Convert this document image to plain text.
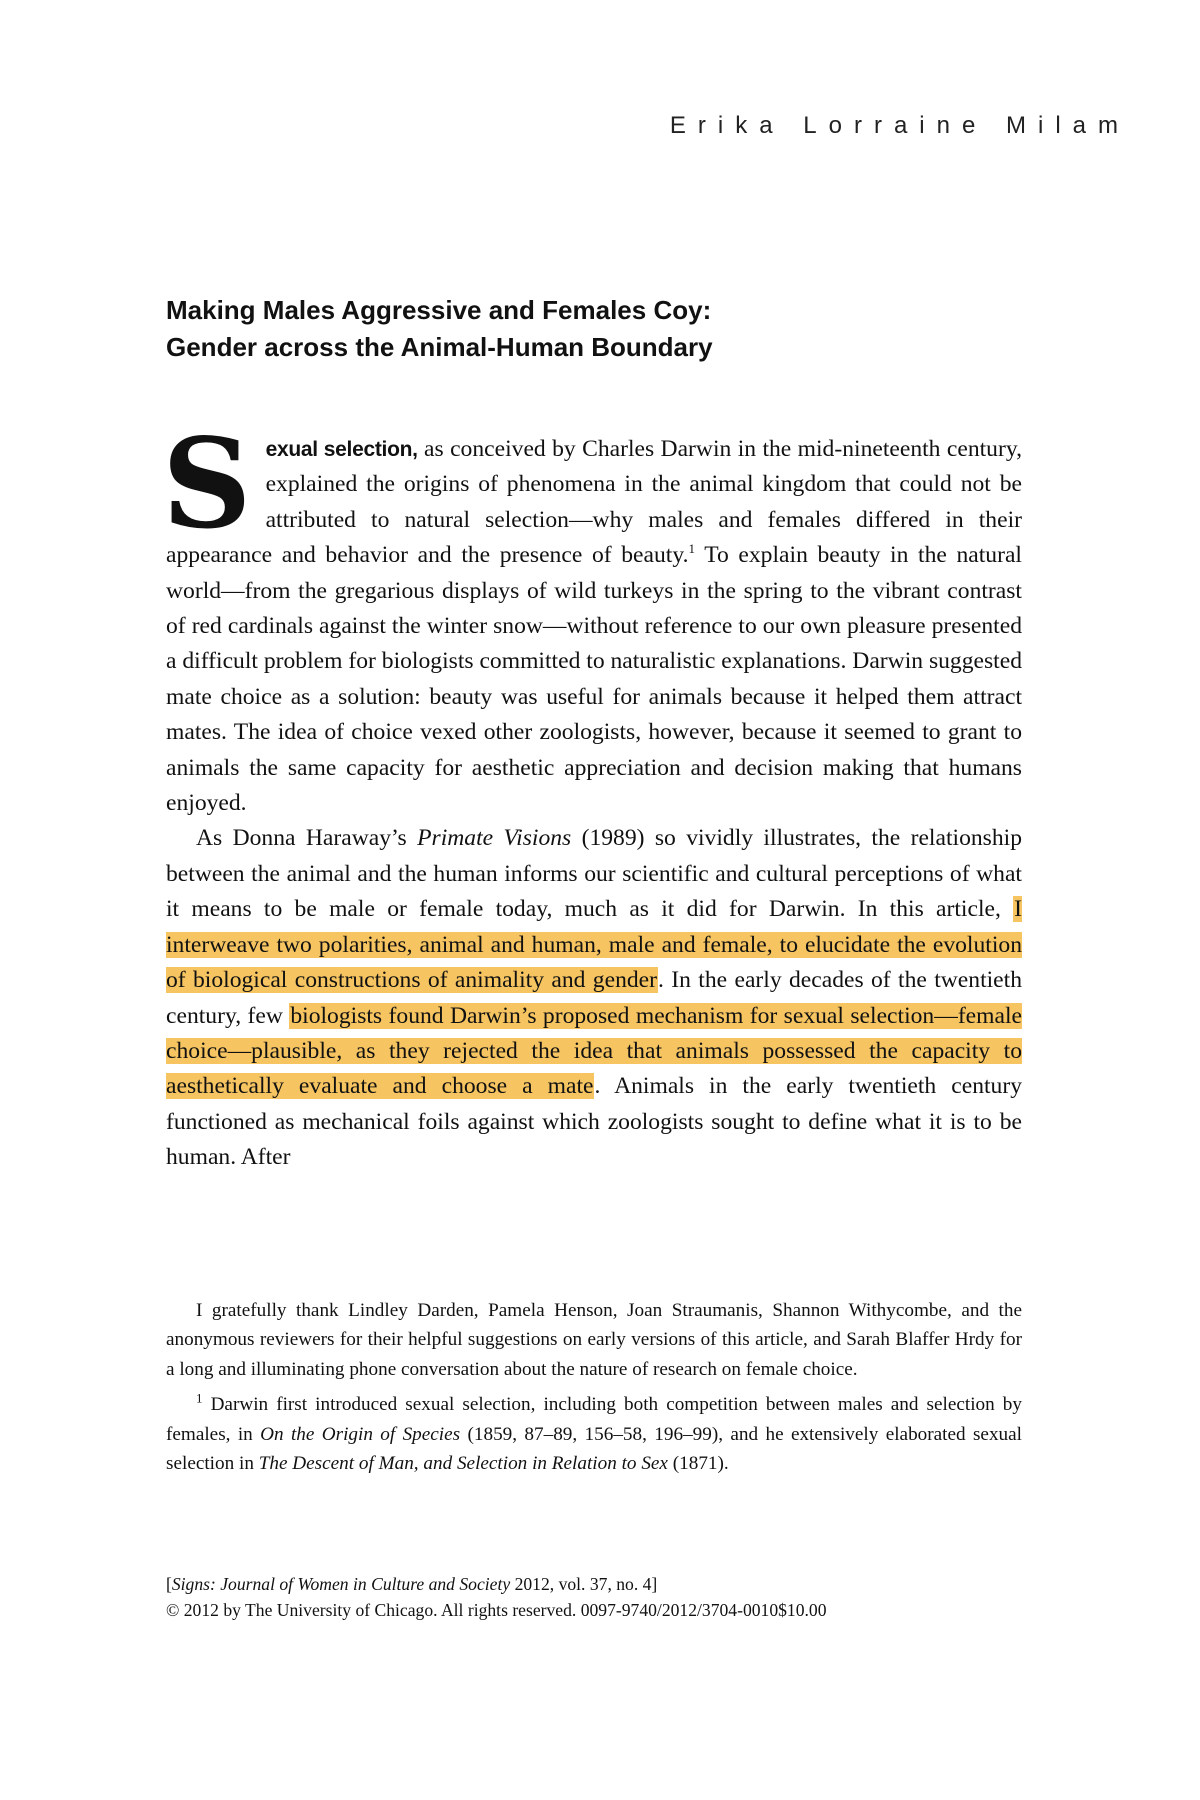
Erika Lorraine Milam
Making Males Aggressive and Females Coy:
Gender across the Animal-Human Boundary

Sexual selection, as conceived by Charles Darwin in the mid-nineteenth century, explained the origins of phenomena in the animal kingdom that could not be attributed to natural selection—why males and females differed in their appearance and behavior and the presence of beauty.$^1$ To explain beauty in the natural world—from the gregarious displays of wild turkeys in the spring to the vibrant contrast of red cardinals against the winter snow—without reference to our own pleasure presented a difficult problem for biologists committed to naturalistic explanations. Darwin suggested mate choice as a solution: beauty was useful for animals because it helped them attract mates. The idea of choice vexed other zoologists, however, because it seemed to grant to animals the same capacity for aesthetic appreciation and decision making that humans enjoyed.

As Donna Haraway’s Primate Visions (1989) so vividly illustrates, the relationship between the animal and the human informs our scientific and cultural perceptions of what it means to be male or female today, much as it did for Darwin. In this article, I interweave two polarities, animal and human, male and female, to elucidate the evolution of biological constructions of animality and gender. In the early decades of the twentieth century, few biologists found Darwin’s proposed mechanism for sexual selection—female choice—plausible, as they rejected the idea that animals possessed the capacity to aesthetically evaluate and choose a mate. Animals in the early twentieth century functioned as mechanical foils against which zoologists sought to define what it is to be human. After

I gratefully thank Lindley Darden, Pamela Henson, Joan Straumanis, Shannon Withycombe, and the anonymous reviewers for their helpful suggestions on early versions of this article, and Sarah Blaffer Hrdy for a long and illuminating phone conversation about the nature of research on female choice.

$^1$ Darwin first introduced sexual selection, including both competition between males and selection by females, in On the Origin of Species (1859, 87–89, 156–58, 196–99), and he extensively elaborated sexual selection in The Descent of Man, and Selection in Relation to Sex (1871).

[Signs: Journal of Women in Culture and Society 2012, vol. 37, no. 4]
© 2012 by The University of Chicago. All rights reserved. 0097-9740/2012/3704-0010$10.00
